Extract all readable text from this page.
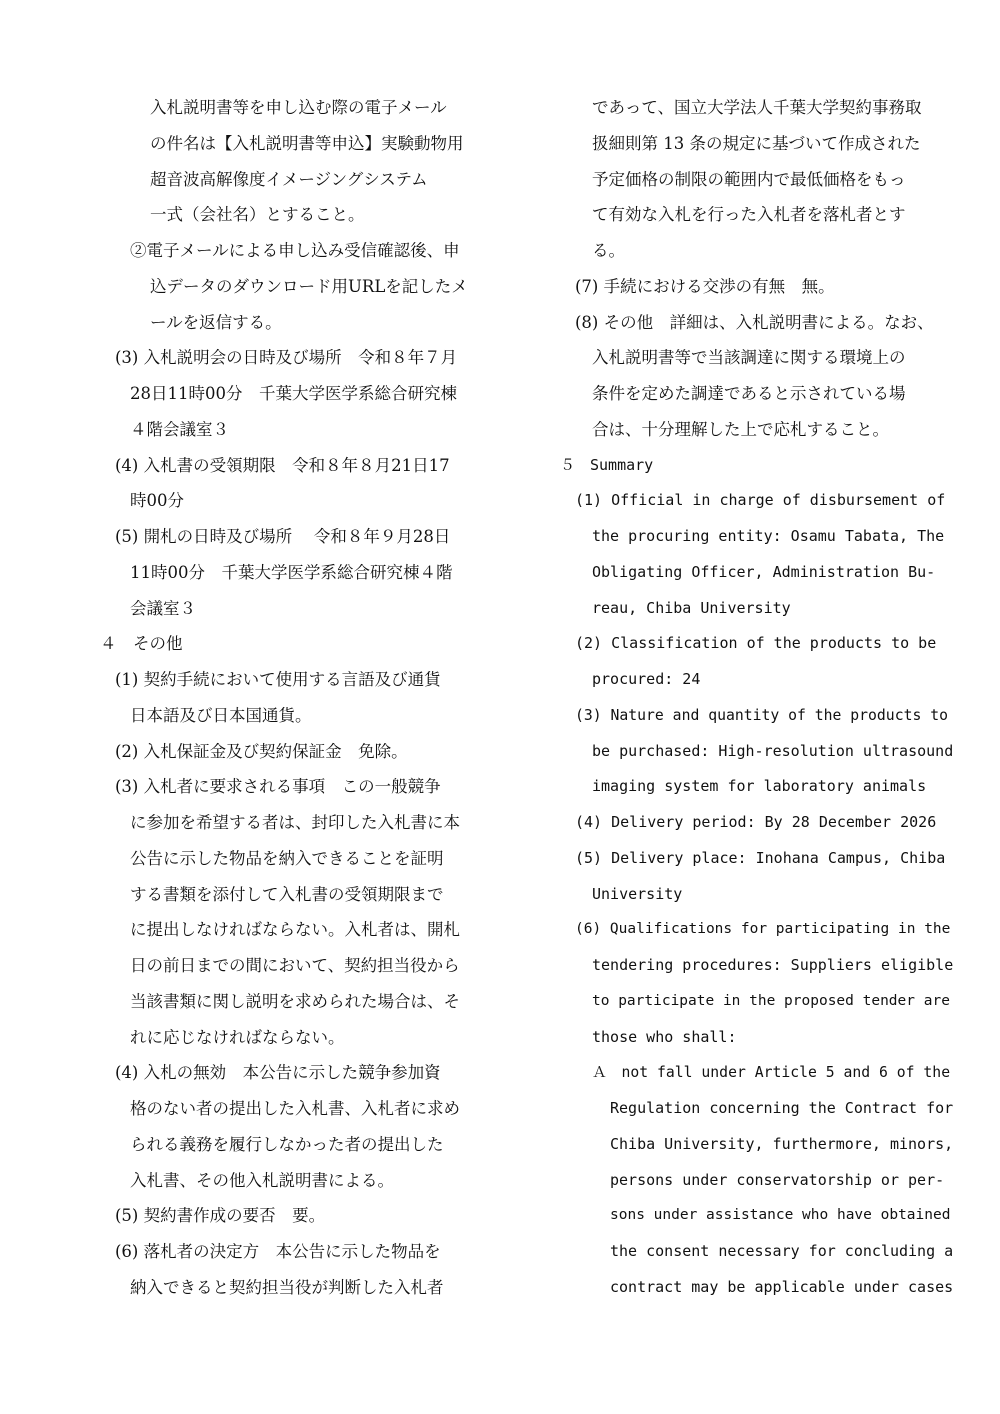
入札説明書等を申し込む際の電子メール
の件名は【入札説明書等申込】実験動物用
超音波高解像度イメージングシステム
一式（会社名）とすること。
②電子メールによる申し込み受信確認後、申
込データのダウンロード用URLを記したメ
ールを返信する。
(3) 入札説明会の日時及び場所　令和８年７月
28日11時00分　千葉大学医学系総合研究棟
４階会議室３
(4) 入札書の受領期限　令和８年８月21日17
時00分
(5) 開札の日時及び場所　 令和８年９月28日
11時00分　千葉大学医学系総合研究棟４階
会議室３
４　その他
(1) 契約手続において使用する言語及び通貨
日本語及び日本国通貨。
(2) 入札保証金及び契約保証金　免除。
(3) 入札者に要求される事項　この一般競争
に参加を希望する者は、封印した入札書に本
公告に示した物品を納入できることを証明
する書類を添付して入札書の受領期限まで
に提出しなければならない。入札者は、開札
日の前日までの間において、契約担当役から
当該書類に関し説明を求められた場合は、そ
れに応じなければならない。
(4) 入札の無効　本公告に示した競争参加資
格のない者の提出した入札書、入札者に求め
られる義務を履行しなかった者の提出した
入札書、その他入札説明書による。
(5) 契約書作成の要否　要。
(6) 落札者の決定方　本公告に示した物品を
納入できると契約担当役が判断した入札者
であって、国立大学法人千葉大学契約事務取
扱細則第 13 条の規定に基づいて作成された
予定価格の制限の範囲内で最低価格をもっ
て有効な入札を行った入札者を落札者とす
る。
(7) 手続における交渉の有無　無。
(8) その他　詳細は、入札説明書による。なお、
入札説明書等で当該調達に関する環境上の
条件を定めた調達であると示されている場
合は、十分理解した上で応札すること。
５　Summary
(1) Official in charge of disbursement of
the procuring entity: Osamu Tabata, The
Obligating Officer, Administration Bu-
reau, Chiba University
(2) Classification of the products to be
procured: 24
(3) Nature and quantity of the products to
be purchased: High-resolution ultrasound
imaging system for laboratory animals
(4) Delivery period: By 28 December 2026
(5) Delivery place: Inohana Campus, Chiba
University
(6) Qualifications for participating in the
tendering procedures: Suppliers eligible
to participate in the proposed tender are
those who shall:
Ａ　not fall under Article 5 and 6 of the
Regulation concerning the Contract for
Chiba University, furthermore, minors,
persons under conservatorship or per-
sons under assistance who have obtained
the consent necessary for concluding a
contract may be applicable under cases
